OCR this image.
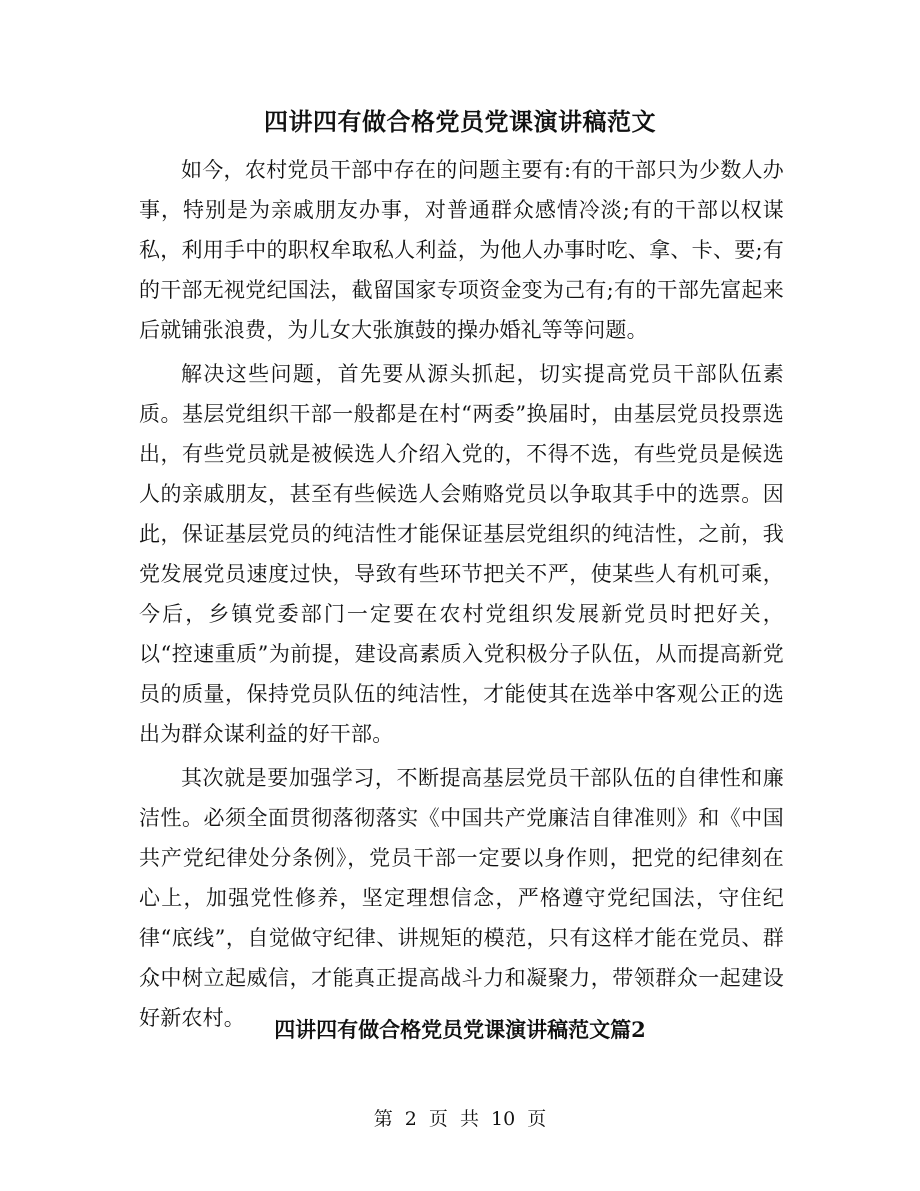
四讲四有做合格党员党课演讲稿范文

如今，农村党员干部中存在的问题主要有:有的干部只为少数人办事，特别是为亲戚朋友办事，对普通群众感情冷淡;有的干部以权谋私，利用手中的职权牟取私人利益，为他人办事时吃、拿、卡、要;有的干部无视党纪国法，截留国家专项资金变为己有;有的干部先富起来后就铺张浪费，为儿女大张旗鼓的操办婚礼等等问题。

解决这些问题，首先要从源头抓起，切实提高党员干部队伍素质。基层党组织干部一般都是在村“两委”换届时，由基层党员投票选出，有些党员就是被候选人介绍入党的，不得不选，有些党员是候选人的亲戚朋友，甚至有些候选人会贿赂党员以争取其手中的选票。因此，保证基层党员的纯洁性才能保证基层党组织的纯洁性，之前，我党发展党员速度过快，导致有些环节把关不严，使某些人有机可乘，今后，乡镇党委部门一定要在农村党组织发展新党员时把好关，以“控速重质”为前提，建设高素质入党积极分子队伍，从而提高新党员的质量，保持党员队伍的纯洁性，才能使其在选举中客观公正的选出为群众谋利益的好干部。

其次就是要加强学习，不断提高基层党员干部队伍的自律性和廉洁性。必须全面贯彻落彻落实《中国共产党廉洁自律准则》和《中国共产党纪律处分条例》，党员干部一定要以身作则，把党的纪律刻在心上，加强党性修养，坚定理想信念，严格遵守党纪国法，守住纪律“底线”，自觉做守纪律、讲规矩的模范，只有这样才能在党员、群众中树立起威信，才能真正提高战斗力和凝聚力，带领群众一起建设好新农村。	四讲四有做合格党员党课演讲稿范文篇2
第 2 页 共 10 页
